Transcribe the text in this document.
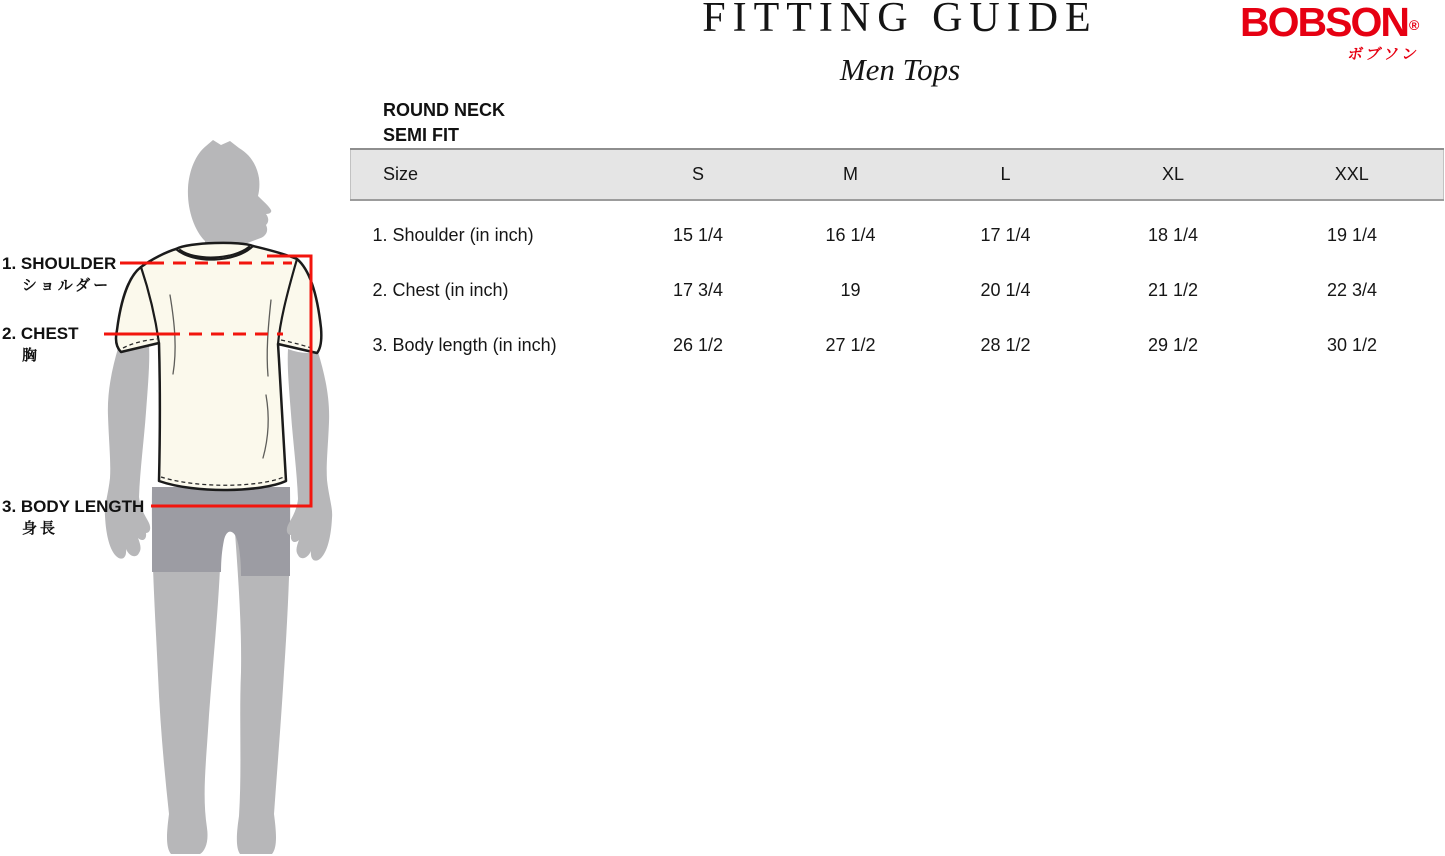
1. SHOULDER
ショルダー
2. CHEST
胸
3. BODY LENGTH
身長
FITTING GUIDE
Men Tops
BOBSON®
ボブソン
ROUND NECK
SEMI FIT
Size	S	M	L	XL	XXL
1. Shoulder (in inch)	15 1/4	16 1/4	17 1/4	18 1/4	19 1/4
2. Chest (in inch)	17 3/4	19	20 1/4	21 1/2	22 3/4
3. Body length (in inch)	26 1/2	27 1/2	28 1/2	29 1/2	30 1/2
